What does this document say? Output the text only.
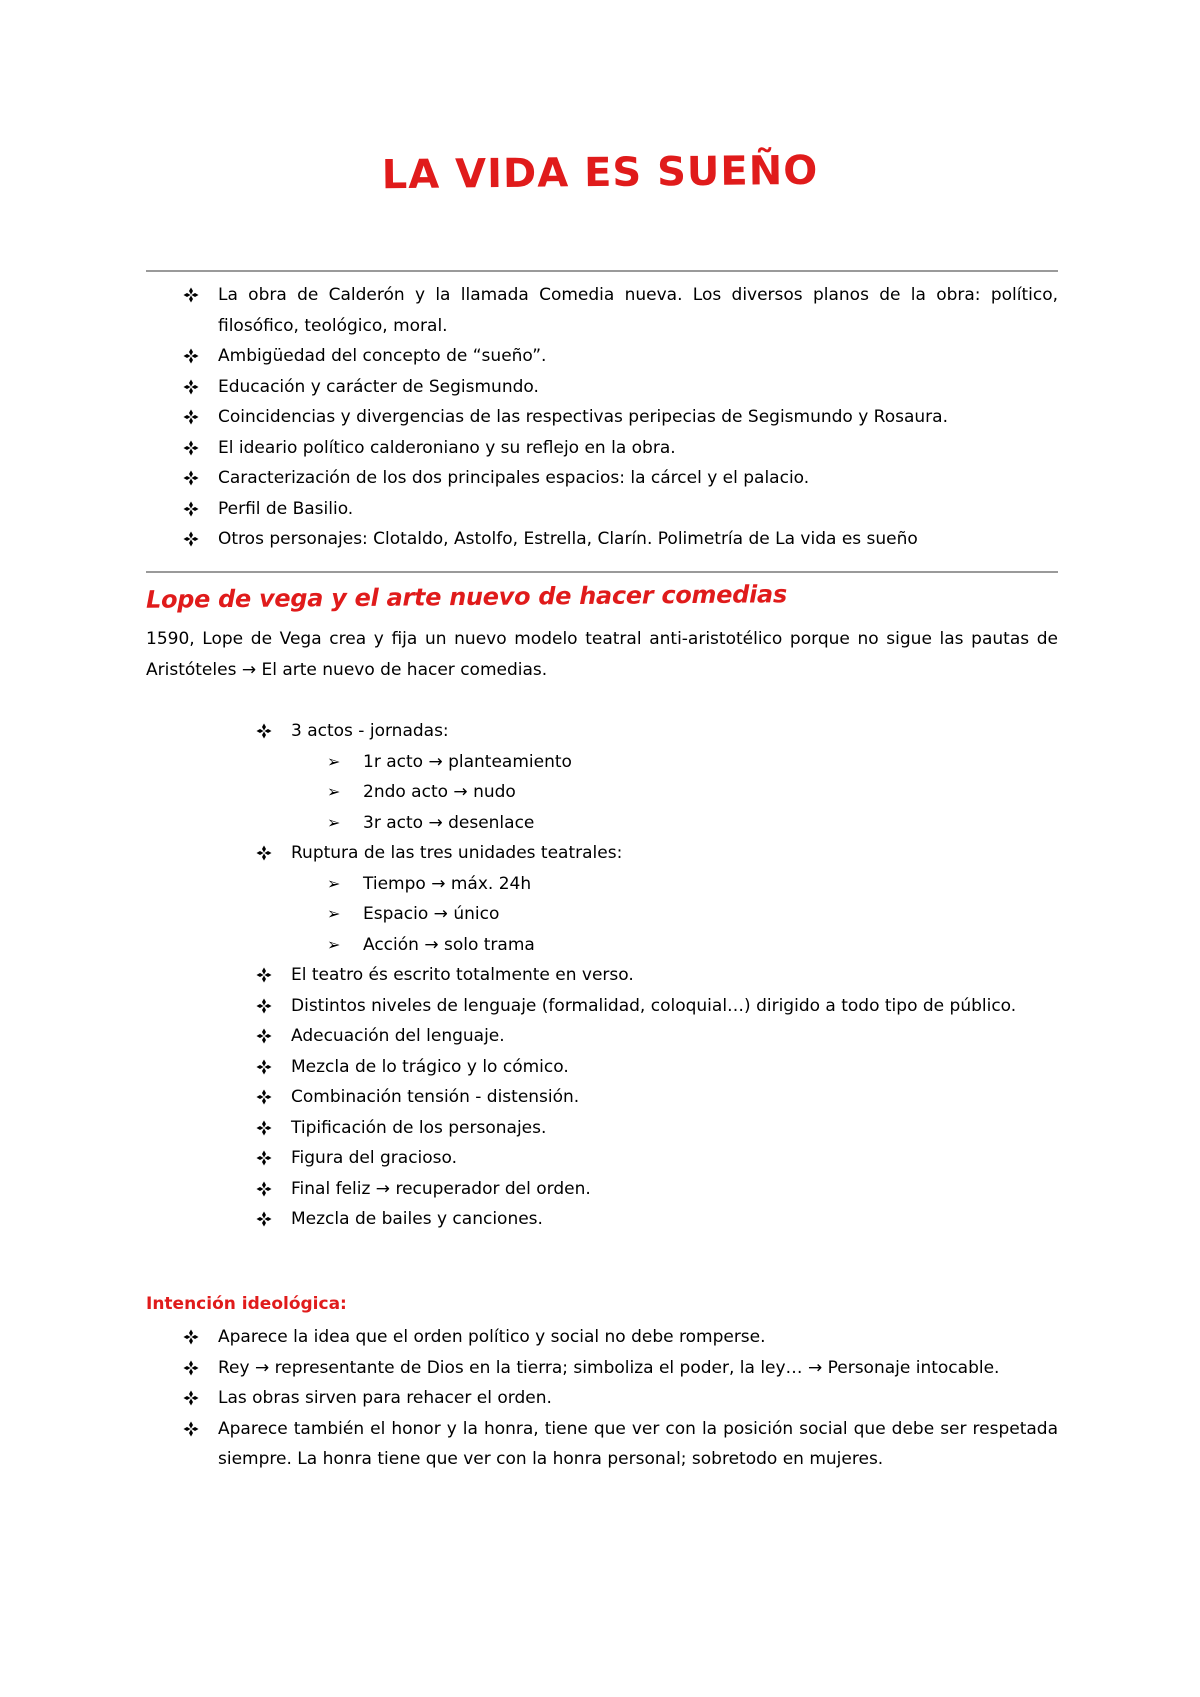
LA VIDA ES SUEÑO
La obra de Calderón y la llamada Comedia nueva. Los diversos planos de la obra: político, filosófico, teológico, moral.
Ambigüedad del concepto de “sueño”.
Educación y carácter de Segismundo.
Coincidencias y divergencias de las respectivas peripecias de Segismundo y Rosaura.
El ideario político calderoniano y su reflejo en la obra.
Caracterización de los dos principales espacios: la cárcel y el palacio.
Perfil de Basilio.
Otros personajes: Clotaldo, Astolfo, Estrella, Clarín. Polimetría de La vida es sueño
Lope de vega y el arte nuevo de hacer comedias

1590, Lope de Vega crea y fija un nuevo modelo teatral anti-aristotélico porque no sigue las pautas de Aristóteles → El arte nuevo de hacer comedias.

3 actos - jornadas:
➢ 1r acto → planteamiento
➢ 2ndo acto → nudo
➢ 3r acto → desenlace
Ruptura de las tres unidades teatrales:
➢ Tiempo → máx. 24h
➢ Espacio → único
➢ Acción → solo trama
El teatro és escrito totalmente en verso.
Distintos niveles de lenguaje (formalidad, coloquial…) dirigido a todo tipo de público.
Adecuación del lenguaje.
Mezcla de lo trágico y lo cómico.
Combinación tensión - distensión.
Tipificación de los personajes.
Figura del gracioso.
Final feliz → recuperador del orden.
Mezcla de bailes y canciones.
Intención ideológica:
Aparece la idea que el orden político y social no debe romperse.
Rey → representante de Dios en la tierra; simboliza el poder, la ley… → Personaje intocable.
Las obras sirven para rehacer el orden.
Aparece también el honor y la honra, tiene que ver con la posición social que debe ser respetada siempre. La honra tiene que ver con la honra personal; sobretodo en mujeres.
